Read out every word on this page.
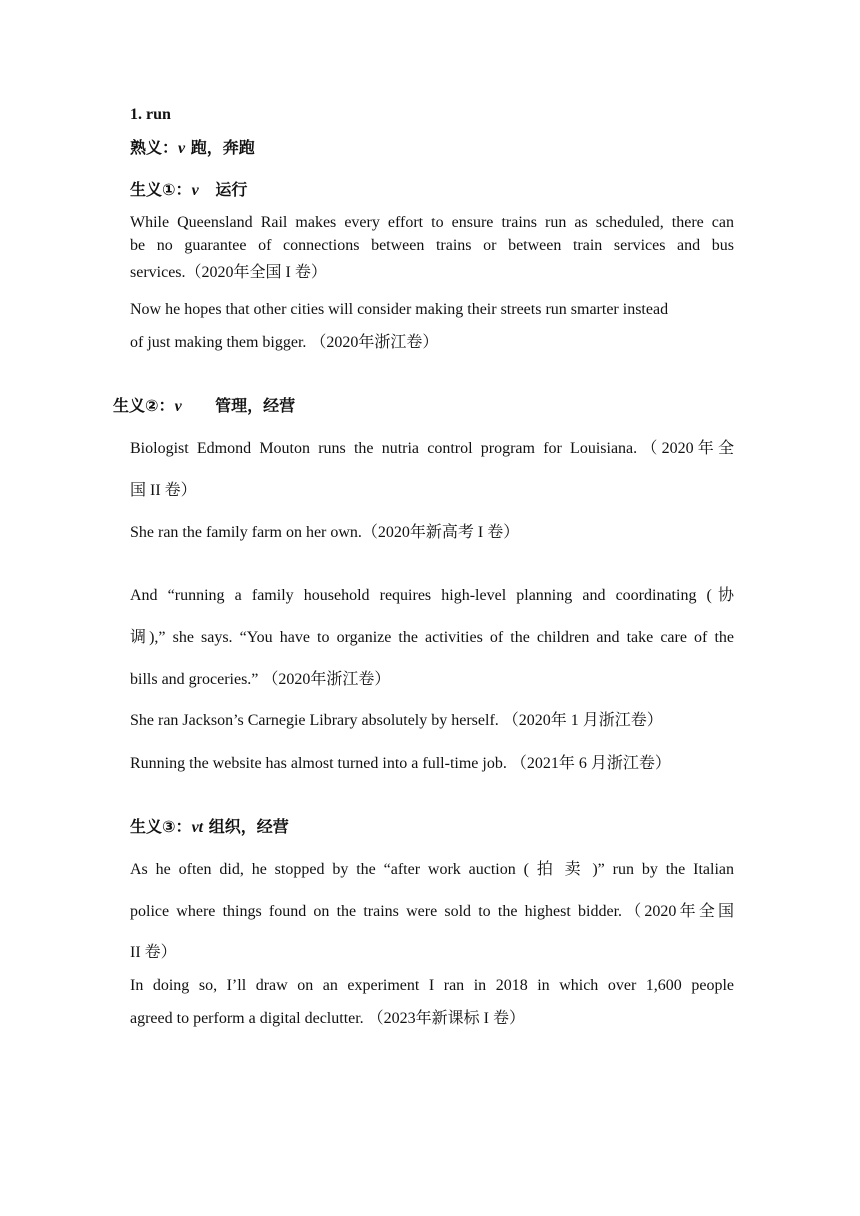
1. run
熟义：v 跑，奔跑
生义①：v 运行
While Queensland Rail makes every effort to ensure trains run as scheduled, there can
be no guarantee of connections between trains or between train services and bus
services.（2020年全国 I 卷）
Now he hopes that other cities will consider making their streets run smarter instead
of just making them bigger. （2020年浙江卷）
生义②：v 管理，经营
Biologist Edmond Mouton runs the nutria control program for Louisiana.（2020年全
国 II 卷）
She ran the family farm on her own.（2020年新高考 I 卷）
And “running a family household requires high-level planning and coordinating (协
调),” she says. “You have to organize the activities of the children and take care of the
bills and groceries.” （2020年浙江卷）
She ran Jackson’s Carnegie Library absolutely by herself. （2020年 1 月浙江卷）
Running the website has almost turned into a full-time job. （2021年 6 月浙江卷）
生义③：vt 组织，经营
As he often did, he stopped by the “after work auction ( 拍 卖 )” run by the Italian
police where things found on the trains were sold to the highest bidder.（2020年全国
II 卷）
In doing so, I’ll draw on an experiment I ran in 2018 in which over 1,600 people
agreed to perform a digital declutter. （2023年新课标 I 卷）
